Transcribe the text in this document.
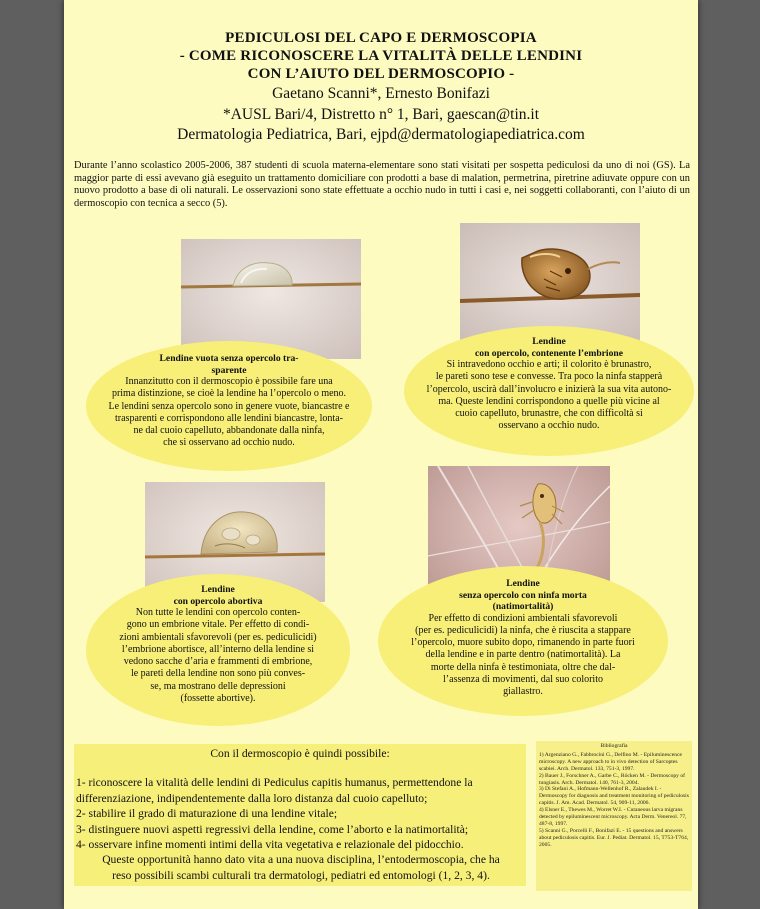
PEDICULOSI DEL CAPO E DERMOSCOPIA
- COME RICONOSCERE LA VITALITÀ DELLE LENDINI
CON L’AIUTO DEL DERMOSCOPIO -
Gaetano Scanni*, Ernesto Bonifazi
*AUSL Bari/4, Distretto n° 1, Bari, gaescan@tin.it
Dermatologia Pediatrica, Bari, ejpd@dermatologiapediatrica.com
Durante l’anno scolastico 2005-2006, 387 studenti di scuola materna-elementare sono stati visitati per sospetta pediculosi da uno di noi (GS). La maggior parte di essi avevano già eseguito un trattamento domiciliare con prodotti a base di malation, permetrina, piretrine adiuvate oppure con un nuovo prodotto a base di oli naturali. Le osservazioni sono state effettuate a occhio nudo in tutti i casi e, nei soggetti collaboranti, con l’aiuto di un dermoscopio con tecnica a secco (5).
Lendine vuota senza opercolo tra-
sparente
Innanzitutto con il dermoscopio è possibile fare una
prima distinzione, se cioè la lendine ha l’opercolo o meno.
Le lendini senza opercolo sono in genere vuote, biancastre e
trasparenti e corrispondono alle lendini biancastre, lonta-
ne dal cuoio capelluto, abbandonate dalla ninfa,
che si osservano ad occhio nudo.
Lendine
con opercolo, contenente l’embrione
Si intravedono occhio e arti; il colorito è brunastro,
le pareti sono tese e convesse. Tra poco la ninfa stapperà
l’opercolo, uscirà dall’involucro e inizierà la sua vita autono-
ma. Queste lendini corrispondono a quelle più vicine al
cuoio capelluto, brunastre, che con difficoltà si
osservano a occhio nudo.
Lendine
con opercolo abortiva
Non tutte le lendini con opercolo conten-
gono un embrione vitale. Per effetto di condi-
zioni ambientali sfavorevoli (per es. pediculicidi)
l’embrione abortisce, all’interno della lendine si
vedono sacche d’aria e frammenti di embrione,
le pareti della lendine non sono più conves-
se, ma mostrano delle depressioni
(fossette abortive).
Lendine
senza opercolo con ninfa morta
(natimortalità)
Per effetto di condizioni ambientali sfavorevoli
(per es. pediculicidi) la ninfa, che è riuscita a stappare
l’opercolo, muore subito dopo, rimanendo in parte fuori
della lendine e in parte dentro (natimortalità). La
morte della ninfa è testimoniata, oltre che dal-
l’assenza di movimenti, dal suo colorito
giallastro.
Con il dermoscopio è quindi possibile:
1- riconoscere la vitalità delle lendini di Pediculus capitis humanus, permettendone la
differenziazione, indipendentemente dalla loro distanza dal cuoio capelluto;
2- stabilire il grado di maturazione di una lendine vitale;
3- distinguere nuovi aspetti regressivi della lendine, come l’aborto e la natimortalità;
4- osservare infine momenti intimi della vita vegetativa e relazionale del pidocchio.
Queste opportunità hanno dato vita a una nuova disciplina, l’entodermoscopia, che ha
reso possibili scambi culturali tra dermatologi, pediatri ed entomologi (1, 2, 3, 4).
Bibliografia
1) Argenziano G., Fabbrocini G., Delfino M. - Epiluminescence microscopy. A new approach to in vivo detection of Sarcoptes scabiei. Arch. Dermatol. 133, 751-3, 1997.
2) Bauer J., Forschner A., Garbe C., Röcken M. - Dermoscopy of tungiasis. Arch. Dermatol. 140, 761-3, 2004.
3) Di Stefani A., Hofmann-Wellenhof R., Zalaudek I. - Dermoscopy for diagnosis and treatment monitoring of pediculosis capitis. J. Am. Acad. Dermatol. 54, 909-11, 2006.
4) Elsner E., Thewes M., Worret W.I. - Cutaneous larva migrans detected by epiluminescent microscopy. Acta Derm. Venereol. 77, 487-8, 1997.
5) Scanni G., Porcelli F., Bonifazi E. - 15 questions and answers about pediculosis capitis. Eur. J. Pediat. Dermatol. 15, T753-T764, 2005.
